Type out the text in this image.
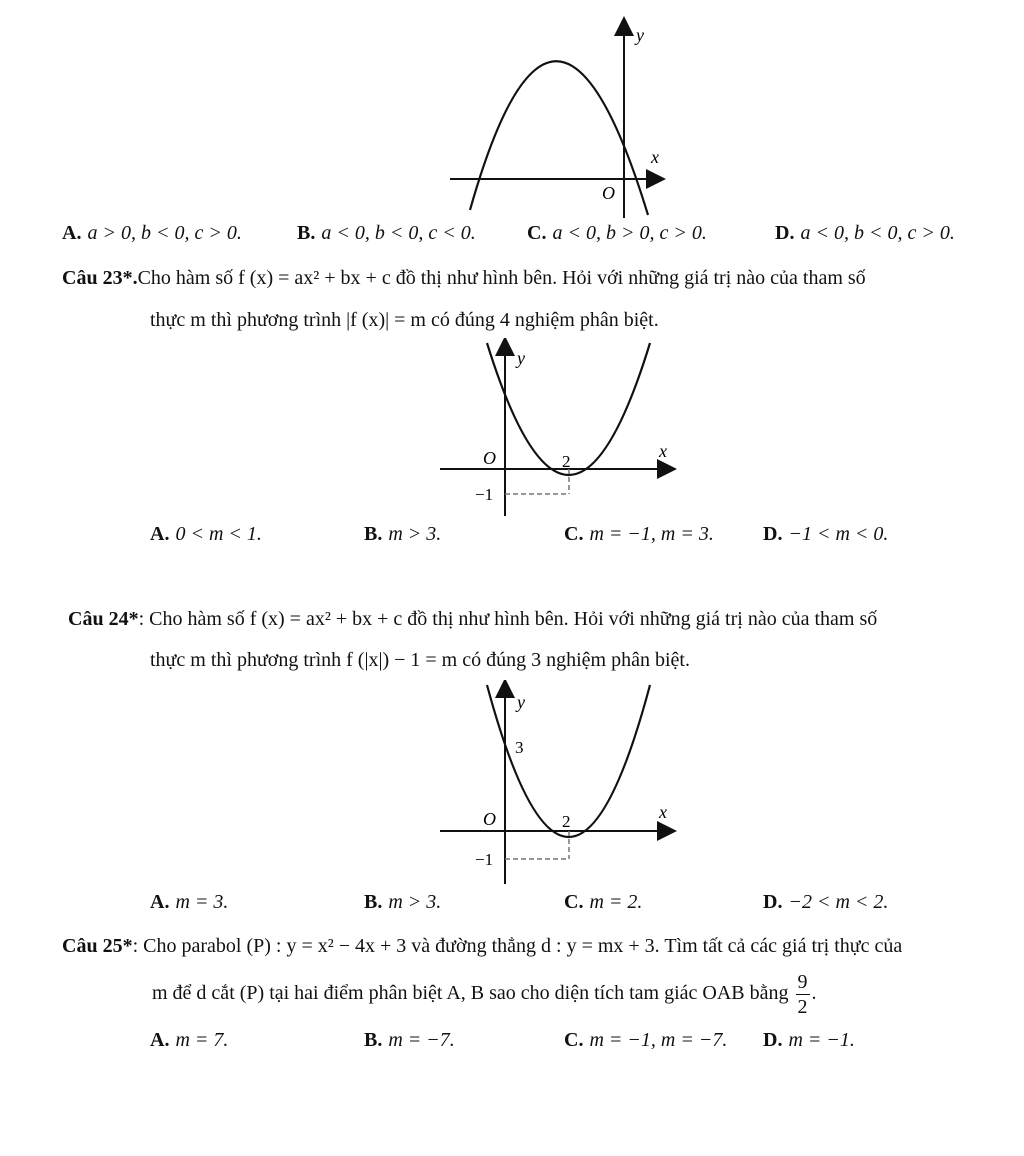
y
x
O
A. a > 0, b < 0, c > 0.	B. a < 0, b < 0, c < 0.	C. a < 0, b > 0, c > 0.	D. a < 0, b < 0, c > 0.
Câu 23*.Cho hàm số f (x) = ax² + bx + c đồ thị như hình bên. Hỏi với những giá trị nào của tham số
thực m thì phương trình |f (x)| = m có đúng 4 nghiệm phân biệt.
y
x
O	2
−1
A. 0 < m < 1.	B. m > 3.	C. m = −1, m = 3. D. −1 < m < 0.
Câu 24*: Cho hàm số f (x) = ax² + bx + c đồ thị như hình bên. Hỏi với những giá trị nào của tham số
thực m thì phương trình f (|x|) − 1 = m có đúng 3 nghiệm phân biệt.
y
3
x
O	2
−1
A. m = 3.	B. m > 3.	C. m = 2.	D. −2 < m < 2.
Câu 25*: Cho parabol (P) : y = x² − 4x + 3 và đường thẳng d : y = mx + 3. Tìm tất cả các giá trị thực của
m để d cắt (P) tại hai điểm phân biệt A, B sao cho diện tích tam giác OAB bằng $\frac{9}{2}$ .
A. m = 7.	B. m = −7.	C. m = −1, m = −7. D. m = −1.
